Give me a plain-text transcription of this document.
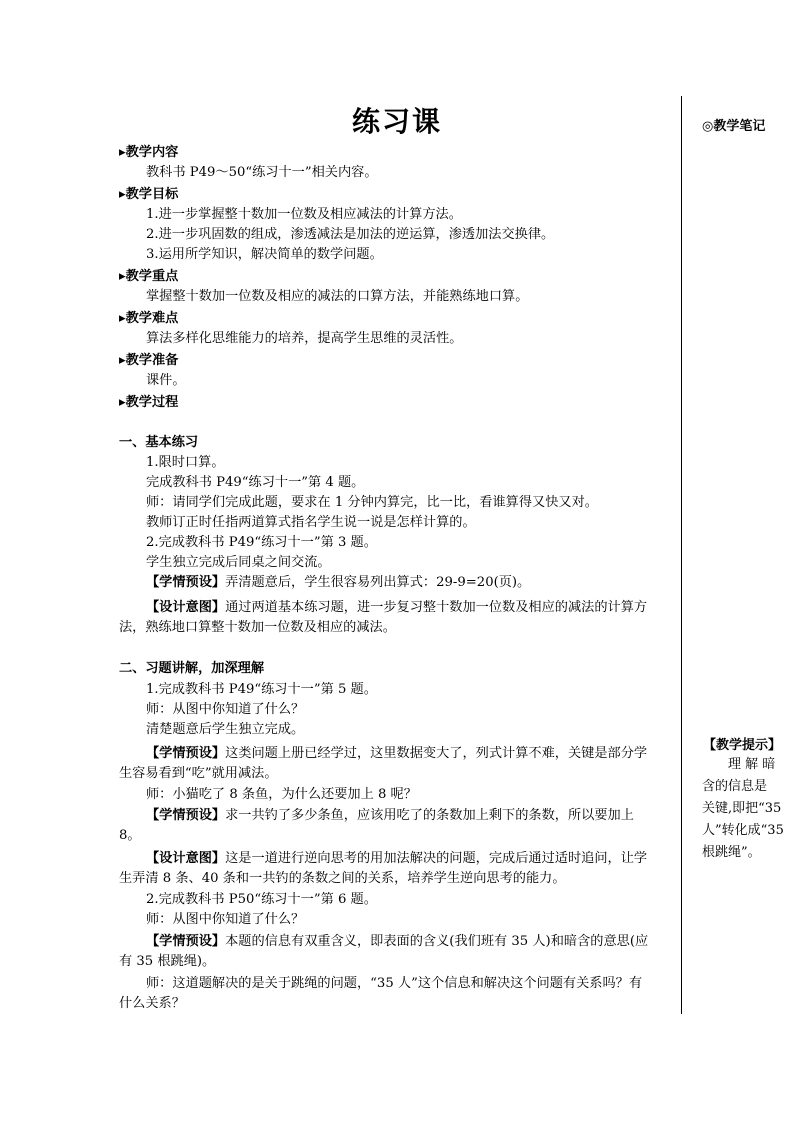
练习课
▸教学内容
教科书 P49～50“练习十一”相关内容。
▸教学目标
1.进一步掌握整十数加一位数及相应减法的计算方法。
2.进一步巩固数的组成，渗透减法是加法的逆运算，渗透加法交换律。
3.运用所学知识，解决简单的数学问题。
▸教学重点
掌握整十数加一位数及相应的减法的口算方法，并能熟练地口算。
▸教学难点
算法多样化思维能力的培养，提高学生思维的灵活性。
▸教学准备
课件。
▸教学过程
一、基本练习
1.限时口算。
完成教科书 P49“练习十一”第 4 题。
师：请同学们完成此题，要求在 1 分钟内算完，比一比，看谁算得又快又对。
教师订正时任指两道算式指名学生说一说是怎样计算的。
2.完成教科书 P49“练习十一”第 3 题。
学生独立完成后同桌之间交流。
【学情预设】弄清题意后，学生很容易列出算式：29-9=20(页)。
【设计意图】通过两道基本练习题，进一步复习整十数加一位数及相应的减法的计算方
法，熟练地口算整十数加一位数及相应的减法。
二、习题讲解，加深理解
1.完成教科书 P49“练习十一”第 5 题。
师：从图中你知道了什么？
清楚题意后学生独立完成。
【学情预设】这类问题上册已经学过，这里数据变大了，列式计算不难，关键是部分学
生容易看到“吃”就用减法。
师：小猫吃了 8 条鱼，为什么还要加上 8 呢？
【学情预设】求一共钓了多少条鱼，应该用吃了的条数加上剩下的条数，所以要加上
8。
【设计意图】这是一道进行逆向思考的用加法解决的问题，完成后通过适时追问，让学
生弄清 8 条、40 条和一共钓的条数之间的关系，培养学生逆向思考的能力。
2.完成教科书 P50“练习十一”第 6 题。
师：从图中你知道了什么？
【学情预设】本题的信息有双重含义，即表面的含义(我们班有 35 人)和暗含的意思(应
有 35 根跳绳)。
师：这道题解决的是关于跳绳的问题，“35 人”这个信息和解决这个问题有关系吗？有
什么关系？
◎教学笔记
【教学提示】
理 解 暗
含的信息是
关键,即把“35
人”转化成“35
根跳绳”。
